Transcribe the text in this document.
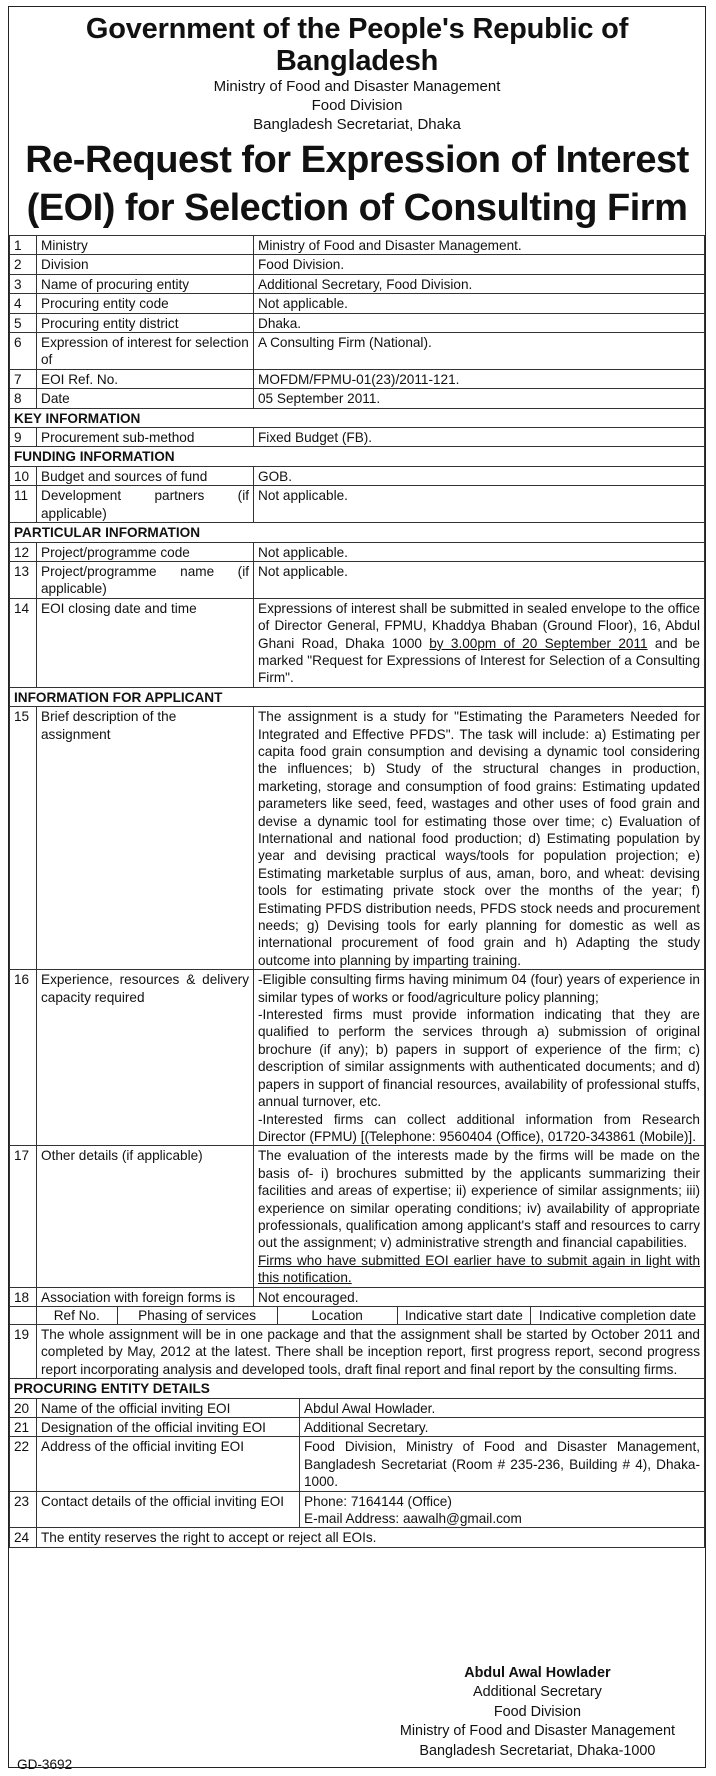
Government of the People's Republic of Bangladesh
Ministry of Food and Disaster Management
Food Division
Bangladesh Secretariat, Dhaka
Re-Request for Expression of Interest
(EOI) for Selection of Consulting Firm
1	Ministry	Ministry of Food and Disaster Management.
2	Division	Food Division.
3	Name of procuring entity	Additional Secretary, Food Division.
4	Procuring entity code	Not applicable.
5	Procuring entity district	Dhaka.
6	Expression of interest for selection of	A Consulting Firm (National).
7	EOI Ref. No.	MOFDM/FPMU-01(23)/2011-121.
8	Date	05 September 2011.
KEY INFORMATION
9	Procurement sub-method	Fixed Budget (FB).
FUNDING INFORMATION
10	Budget and sources of fund	GOB.
11	Development partners (if applicable)	Not applicable.
PARTICULAR INFORMATION
12	Project/programme code	Not applicable.
13	Project/programme name (if applicable)	Not applicable.
14	EOI closing date and time	Expressions of interest shall be submitted in sealed envelope to the office of Director General, FPMU, Khaddya Bhaban (Ground Floor), 16, Abdul Ghani Road, Dhaka 1000 by 3.00pm of 20 September 2011 and be marked "Request for Expressions of Interest for Selection of a Consulting Firm".
INFORMATION FOR APPLICANT
15	Brief description of the assignment	The assignment is a study for "Estimating the Parameters Needed for Integrated and Effective PFDS". The task will include: a) Estimating per capita food grain consumption and devising a dynamic tool considering the influences; b) Study of the structural changes in production, marketing, storage and consumption of food grains: Estimating updated parameters like seed, feed, wastages and other uses of food grain and devise a dynamic tool for estimating those over time; c) Evaluation of International and national food production; d) Estimating population by year and devising practical ways/tools for population projection; e) Estimating marketable surplus of aus, aman, boro, and wheat: devising tools for estimating private stock over the months of the year; f) Estimating PFDS distribution needs, PFDS stock needs and procurement needs; g) Devising tools for early planning for domestic as well as international procurement of food grain and h) Adapting the study outcome into planning by imparting training.
16	Experience, resources & delivery capacity required	
-Eligible consulting firms having minimum 04 (four) years of experience in similar types of works or food/agriculture policy planning;
-Interested firms must provide information indicating that they are qualified to perform the services through a) submission of original brochure (if any); b) papers in support of experience of the firm; c) description of similar assignments with authenticated documents; and d) papers in support of financial resources, availability of professional stuffs, annual turnover, etc.
-Interested firms can collect additional information from Research Director (FPMU) [(Telephone: 9560404 (Office), 01720-343861 (Mobile)].

17	Other details (if applicable)	The evaluation of the interests made by the firms will be made on the basis of- i) brochures submitted by the applicants summarizing their facilities and areas of expertise; ii) experience of similar assignments; iii) experience on similar operating conditions; iv) availability of appropriate professionals, qualification among applicant's staff and resources to carry out the assignment; v) administrative strength and financial capabilities.
Firms who have submitted EOI earlier have to submit again in light with this notification.

18	Association with foreign forms is	Not encouraged.

Ref No.	Phasing of services	Location	Indicative start date	Indicative completion date

19	The whole assignment will be in one package and that the assignment shall be started by October 2011 and completed by May, 2012 at the latest. There shall be inception report, first progress report, second progress report incorporating analysis and developed tools, draft final report and final report by the consulting firms.
PROCURING ENTITY DETAILS
20	Name of the official inviting EOI	Abdul Awal Howlader.
21	Designation of the official inviting EOI	Additional Secretary.
22	Address of the official inviting EOI	Food Division, Ministry of Food and Disaster Management, Bangladesh Secretariat (Room # 235-236, Building # 4), Dhaka-1000.
23	Contact details of the official inviting EOI	Phone: 7164144 (Office)
E-mail Address: aawalh@gmail.com
24	The entity reserves the right to accept or reject all EOIs.
Abdul Awal Howlader
Additional Secretary
Food Division
Ministry of Food and Disaster Management
Bangladesh Secretariat, Dhaka-1000
GD-3692
